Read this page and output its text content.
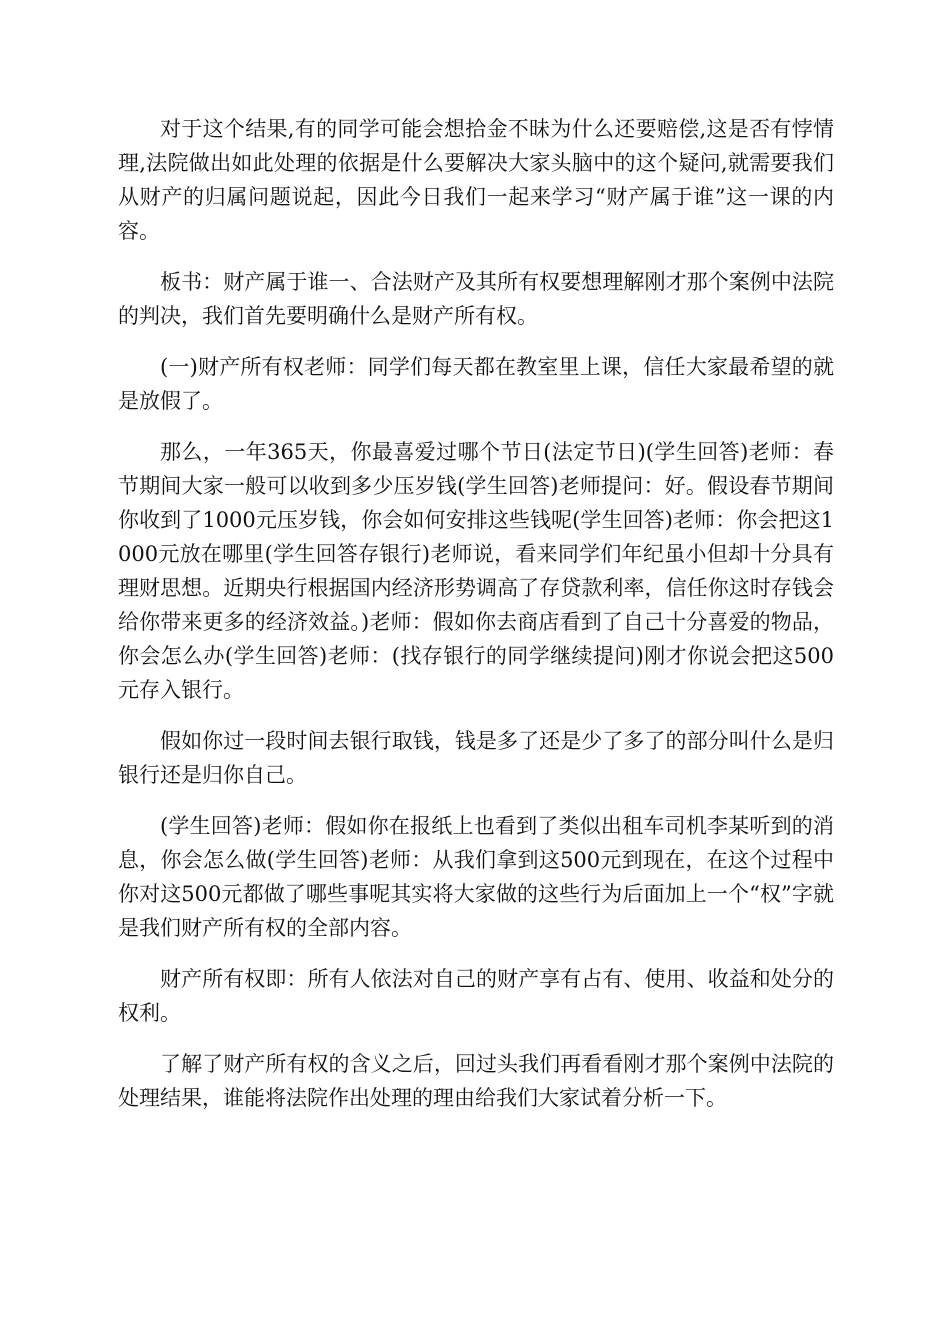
对于这个结果,有的同学可能会想拾金不昧为什么还要赔偿,这是否有悖情理,法院做出如此处理的依据是什么要解决大家头脑中的这个疑问,就需要我们从财产的归属问题说起，因此今日我们一起来学习“财产属于谁”这一课的内容。

板书：财产属于谁一、合法财产及其所有权要想理解刚才那个案例中法院的判决，我们首先要明确什么是财产所有权。

(一)财产所有权老师：同学们每天都在教室里上课，信任大家最希望的就是放假了。

那么，一年365天，你最喜爱过哪个节日(法定节日)(学生回答)老师：春节期间大家一般可以收到多少压岁钱(学生回答)老师提问：好。假设春节期间你收到了1000元压岁钱，你会如何安排这些钱呢(学生回答)老师：你会把这1000元放在哪里(学生回答存银行)老师说，看来同学们年纪虽小但却十分具有理财思想。近期央行根据国内经济形势调高了存贷款利率，信任你这时存钱会给你带来更多的经济效益。)老师：假如你去商店看到了自己十分喜爱的物品，你会怎么办(学生回答)老师：(找存银行的同学继续提问)刚才你说会把这500元存入银行。

假如你过一段时间去银行取钱，钱是多了还是少了多了的部分叫什么是归银行还是归你自己。

(学生回答)老师：假如你在报纸上也看到了类似出租车司机李某听到的消息，你会怎么做(学生回答)老师：从我们拿到这500元到现在，在这个过程中你对这500元都做了哪些事呢其实将大家做的这些行为后面加上一个“权”字就是我们财产所有权的全部内容。

财产所有权即：所有人依法对自己的财产享有占有、使用、收益和处分的权利。

了解了财产所有权的含义之后，回过头我们再看看刚才那个案例中法院的处理结果，谁能将法院作出处理的理由给我们大家试着分析一下。
